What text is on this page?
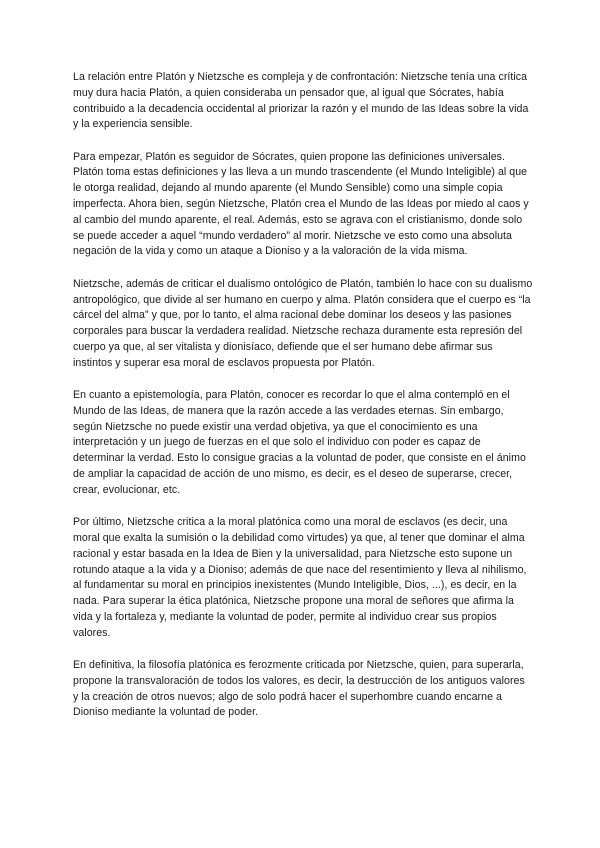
La relación entre Platón y Nietzsche es compleja y de confrontación: Nietzsche tenía una crítica muy dura hacia Platón, a quien consideraba un pensador que, al igual que Sócrates, había contribuido a la decadencia occidental al priorizar la razón y el mundo de las Ideas sobre la vida y la experiencia sensible.

Para empezar, Platón es seguidor de Sócrates, quien propone las definiciones universales. Platón toma estas definiciones y las lleva a un mundo trascendente (el Mundo Inteligible) al que le otorga realidad, dejando al mundo aparente (el Mundo Sensible) como una simple copia imperfecta. Ahora bien, según Nietzsche, Platón crea el Mundo de las Ideas por miedo al caos y al cambio del mundo aparente, el real. Además, esto se agrava con el cristianismo, donde solo se puede acceder a aquel “mundo verdadero” al morir. Nietzsche ve esto como una absoluta negación de la vida y como un ataque a Dioniso y a la valoración de la vida misma.

Nietzsche, además de criticar el dualismo ontológico de Platón, también lo hace con su dualismo antropológico, que divide al ser humano en cuerpo y alma. Platón considera que el cuerpo es “la cárcel del alma” y que, por lo tanto, el alma racional debe dominar los deseos y las pasiones corporales para buscar la verdadera realidad. Nietzsche rechaza duramente esta represión del cuerpo ya que, al ser vitalista y dionisíaco, defiende que el ser humano debe afirmar sus instintos y superar esa moral de esclavos propuesta por Platón.

En cuanto a epistemología, para Platón, conocer es recordar lo que el alma contempló en el Mundo de las Ideas, de manera que la razón accede a las verdades eternas. Sin embargo, según Nietzsche no puede existir una verdad objetiva, ya que el conocimiento es una interpretación y un juego de fuerzas en el que solo el individuo con poder es capaz de determinar la verdad. Esto lo consigue gracias a la voluntad de poder, que consiste en el ánimo de ampliar la capacidad de acción de uno mismo, es decir, es el deseo de superarse, crecer, crear, evolucionar, etc.

Por último, Nietzsche critica a la moral platónica como una moral de esclavos (es decir, una moral que exalta la sumisión o la debilidad como virtudes) ya que, al tener que dominar el alma racional y estar basada en la Idea de Bien y la universalidad, para Nietzsche esto supone un rotundo ataque a la vida y a Dioniso; además de que nace del resentimiento y lleva al nihilismo, al fundamentar su moral en principios inexistentes (Mundo Inteligible, Dios, ...), es decir, en la nada. Para superar la ética platónica, Nietzsche propone una moral de señores que afirma la vida y la fortaleza y, mediante la voluntad de poder, permite al individuo crear sus propios valores.

En definitiva, la filosofía platónica es ferozmente criticada por Nietzsche, quien, para superarla, propone la transvaloración de todos los valores, es decir, la destrucción de los antiguos valores y la creación de otros nuevos; algo de solo podrá hacer el superhombre cuando encarne a Dioniso mediante la voluntad de poder.
